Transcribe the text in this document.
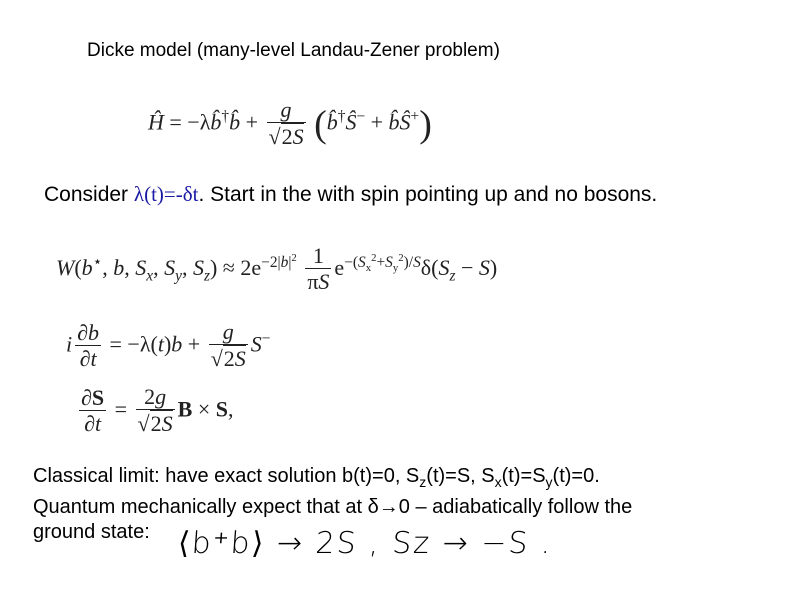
Dicke model (many-level Landau-Zener problem)
Ĥ = −λb̂†b̂ + $\frac{g}{√2S}$ (b̂†Ŝ− + b̂Ŝ+)
Consider λ(t)=-δt. Start in the with spin pointing up and no bosons.
W(b⋆, b, $S_x$, $S_y$, $S_z) \approx 2e^{-2|b|^2} \frac{1}{\pi S} e^{-(S_x^2+S_y^2)/S}\delta(S_z - S)$
i $\frac{\partial b}{\partial t} = -\lambda(t)b + \frac{g}{√2S} S^-$
$\frac{\partial S}{\partial t} = \frac{2g}{√2S}$ B × S,
Classical limit: have exact solution b(t)=0, $S_z(t)=S$, $S_x(t)=S_y(t)=0$.
Quantum mechanically expect that at δ→0 – adiabatically follow the
ground state: ⟨b⁺b⟩ → 2S , Sz → −S .
